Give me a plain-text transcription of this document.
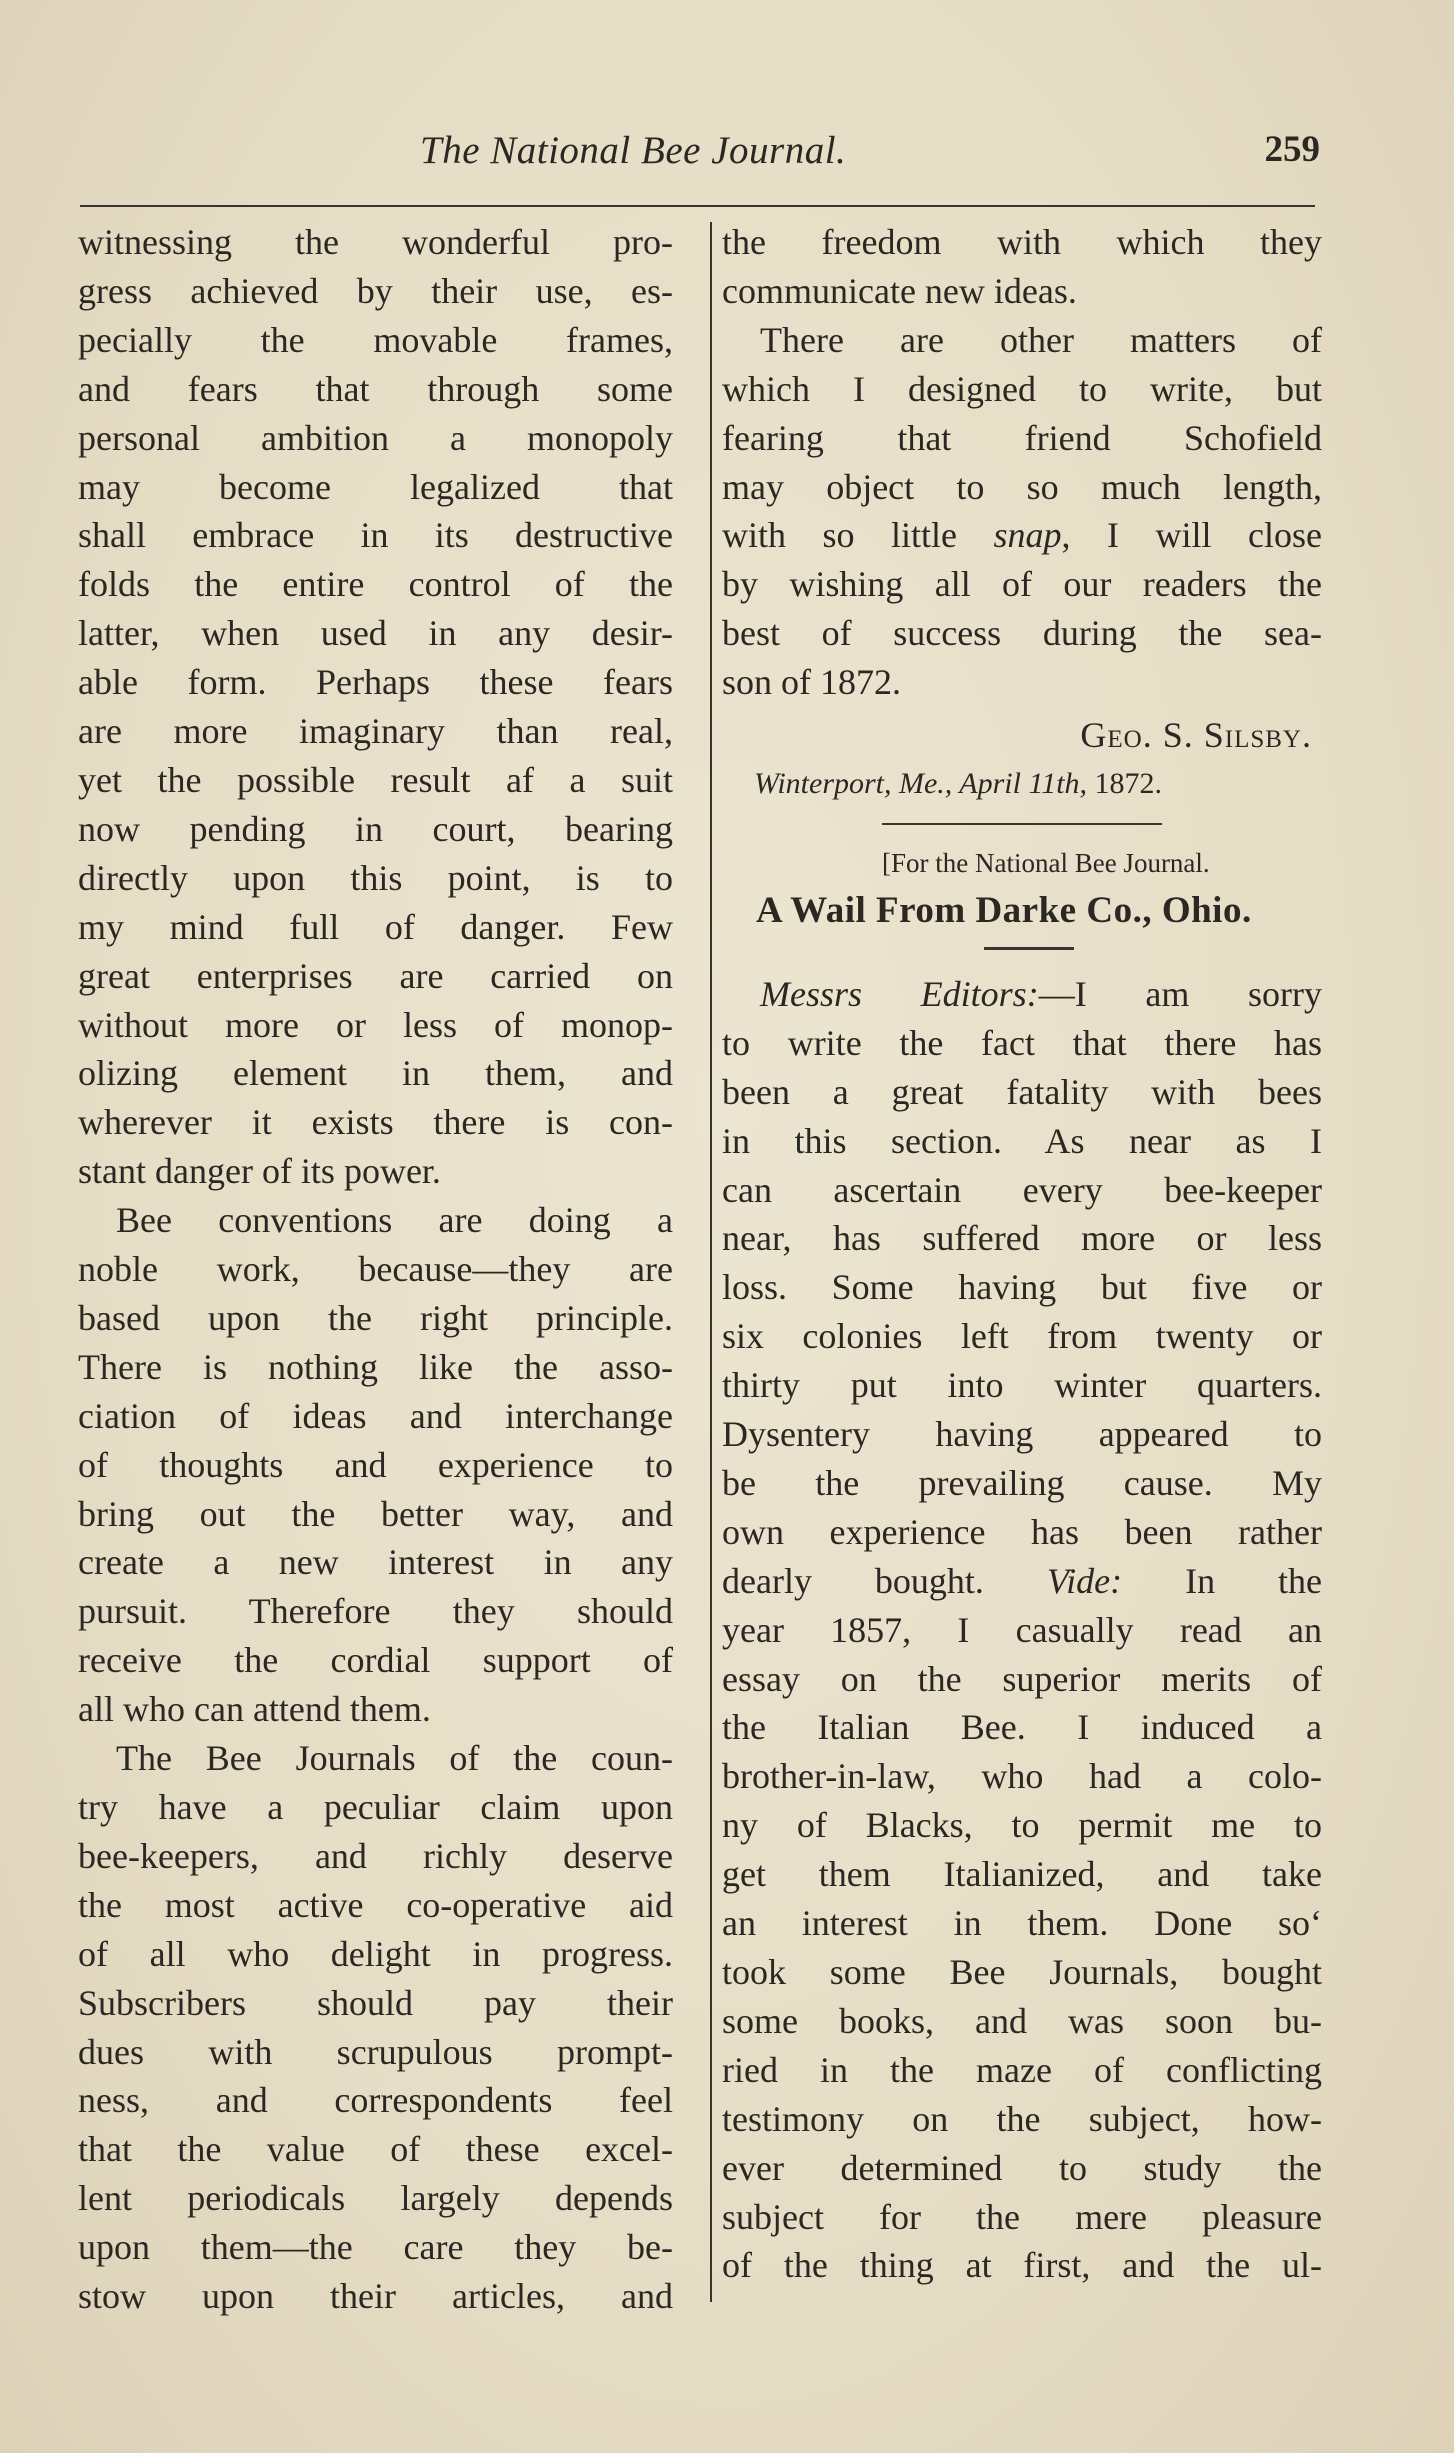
The National Bee Journal.	259
witnessing the wonderful pro-
gress achieved by their use, es-
pecially the movable frames,
and fears that through some
personal ambition a monopoly
may become legalized that
shall embrace in its destructive
folds the entire control of the
latter, when used in any desir-
able form. Perhaps these fears
are more imaginary than real,
yet the possible result af a suit
now pending in court, bearing
directly upon this point, is to
my mind full of danger. Few
great enterprises are carried on
without more or less of monop-
olizing element in them, and
wherever it exists there is con-
stant danger of its power.
Bee conventions are doing a
noble work, because—they are
based upon the right principle.
There is nothing like the asso-
ciation of ideas and interchange
of thoughts and experience to
bring out the better way, and
create a new interest in any
pursuit. Therefore they should
receive the cordial support of
all who can attend them.
The Bee Journals of the coun-
try have a peculiar claim upon
bee-keepers, and richly deserve
the most active co-operative aid
of all who delight in progress.
Subscribers should pay their
dues with scrupulous prompt-
ness, and correspondents feel
that the value of these excel-
lent periodicals largely depends
upon them—the care they be-
stow upon their articles, and
the freedom with which they
communicate new ideas.
There are other matters of
which I designed to write, but
fearing that friend Schofield
may object to so much length,
with so little snap, I will close
by wishing all of our readers the
best of success during the sea-
son of 1872.
Geo. S. Silsby.
Winterport, Me., April 11th, 1872.
[For the National Bee Journal.
A Wail From Darke Co., Ohio.
Messrs Editors:—I am sorry
to write the fact that there has
been a great fatality with bees
in this section. As near as I
can ascertain every bee-keeper
near, has suffered more or less
loss. Some having but five or
six colonies left from twenty or
thirty put into winter quarters.
Dysentery having appeared to
be the prevailing cause. My
own experience has been rather
dearly bought. Vide: In the
year 1857, I casually read an
essay on the superior merits of
the Italian Bee. I induced a
brother-in-law, who had a colo-
ny of Blacks, to permit me to
get them Italianized, and take
an interest in them. Done so‘
took some Bee Journals, bought
some books, and was soon bu-
ried in the maze of conflicting
testimony on the subject, how-
ever determined to study the
subject for the mere pleasure
of the thing at first, and the ul-
